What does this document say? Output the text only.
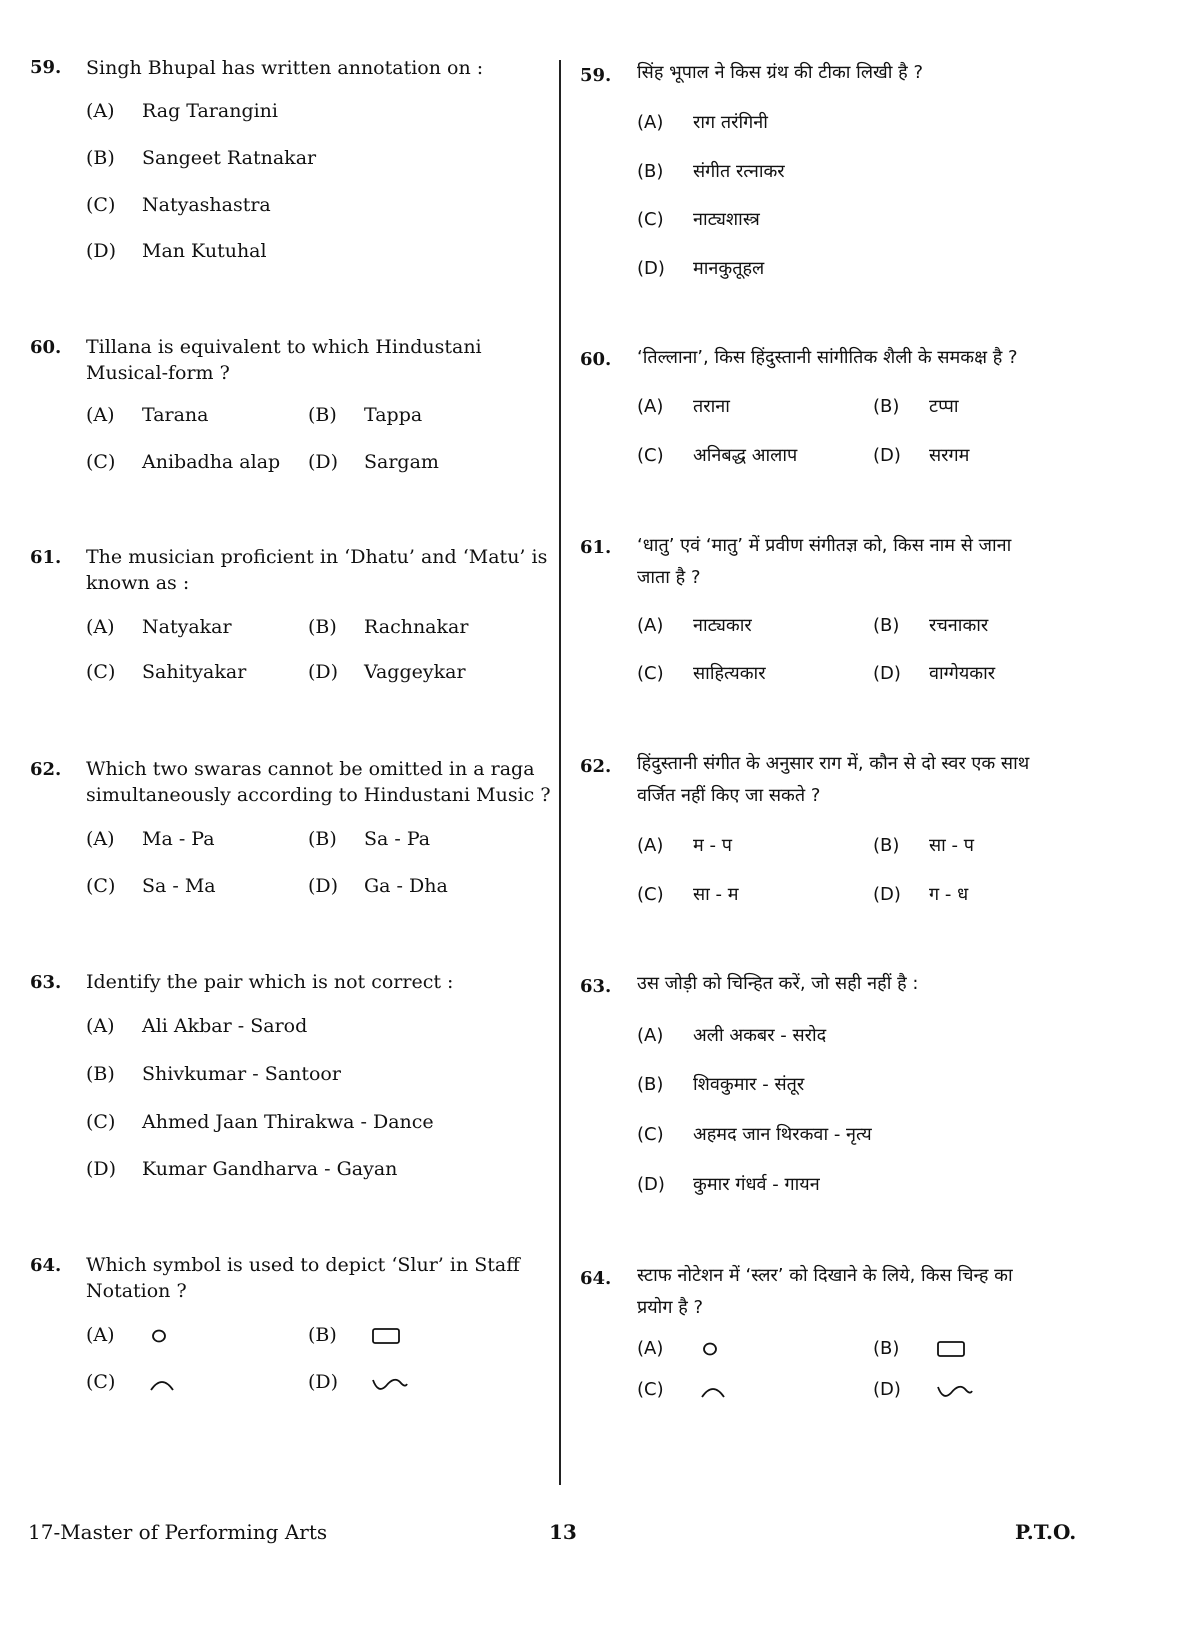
59. Singh Bhupal has written annotation on :
(A) Rag Tarangini
(B) Sangeet Ratnakar
(C) Natyashastra
(D) Man Kutuhal
60. Tillana is equivalent to which Hindustani
Musical-form ?
(A) Tarana	(B) Tappa
(C) Anibadha alap (D) Sargam
61. The musician proficient in ‘Dhatu’ and ‘Matu’ is
known as :
(A) Natyakar	(B) Rachnakar
(C) Sahityakar	(D) Vaggeykar
62. Which two swaras cannot be omitted in a raga
simultaneously according to Hindustani Music ?
(A) Ma - Pa	(B) Sa - Pa
(C) Sa - Ma	(D) Ga - Dha
63. Identify the pair which is not correct :
(A) Ali Akbar - Sarod
(B) Shivkumar - Santoor
(C) Ahmed Jaan Thirakwa - Dance
(D) Kumar Gandharva - Gayan
64. Which symbol is used to depict ‘Slur’ in Staff
Notation ?
(A)	(B)
(C)	(D)
59. सिंह भूपाल ने किस ग्रंथ की टीका लिखी है ?
(A) राग तरंगिनी
(B) संगीत रत्नाकर
(C) नाट्यशास्त्र
(D) मानकुतूहल
60. ‘तिल्लाना’, किस हिंदुस्तानी सांगीतिक शैली के समकक्ष है ?
(A) तराना	(B) टप्पा
(C) अनिबद्ध आलाप	(D) सरगम
61. ‘धातु’ एवं ‘मातु’ में प्रवीण संगीतज्ञ को, किस नाम से जाना
जाता है ?
(A) नाट्यकार	(B) रचनाकार
(C) साहित्यकार	(D) वाग्गेयकार
62. हिंदुस्तानी संगीत के अनुसार राग में, कौन से दो स्वर एक साथ
वर्जित नहीं किए जा सकते ?
(A) म - प	(B) सा - प
(C) सा - म	(D) ग - ध
63. उस जोड़ी को चिन्हित करें, जो सही नहीं है :
(A) अली अकबर - सरोद
(B) शिवकुमार - संतूर
(C) अहमद जान थिरकवा - नृत्य
(D) कुमार गंधर्व - गायन
64. स्टाफ नोटेशन में ‘स्लर’ को दिखाने के लिये, किस चिन्ह का
प्रयोग है ?
(A)	(B)
(C)	(D)
17-Master of Performing Arts	13	P.T.O.
